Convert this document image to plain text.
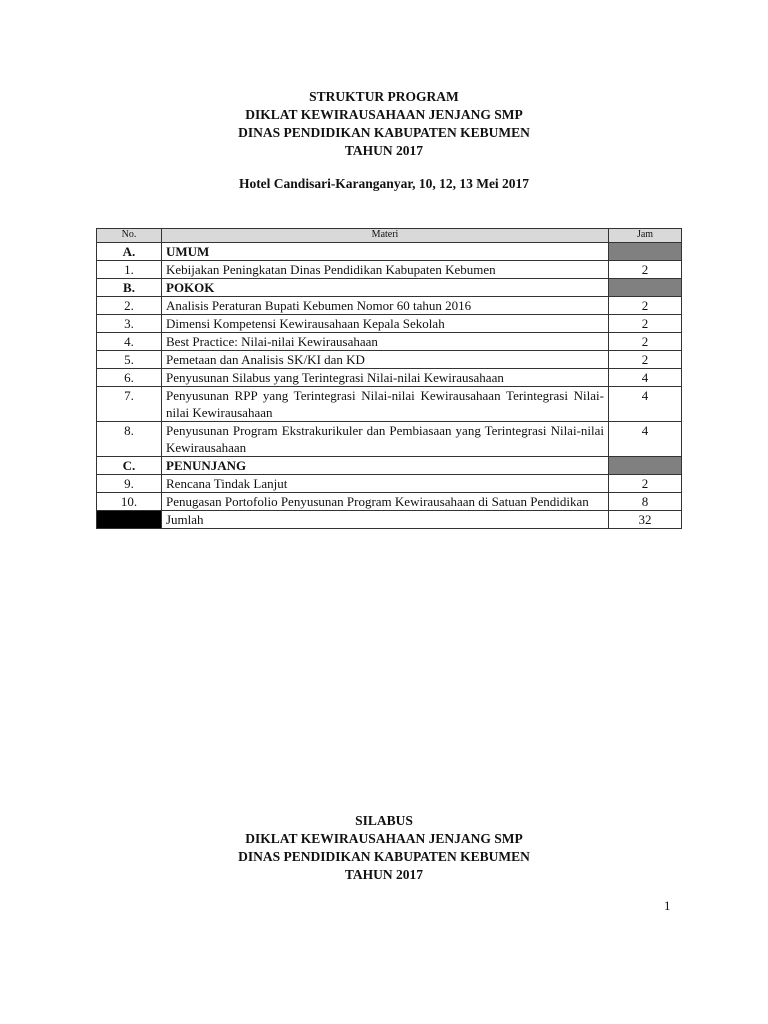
STRUKTUR PROGRAM
DIKLAT KEWIRAUSAHAAN JENJANG SMP
DINAS PENDIDIKAN KABUPATEN KEBUMEN
TAHUN 2017
Hotel Candisari-Karanganyar, 10, 12, 13 Mei 2017
No.	Materi	Jam
A.	UMUM	
1.	Kebijakan Peningkatan Dinas Pendidikan Kabupaten Kebumen	2
B.	POKOK	
2.	Analisis Peraturan Bupati Kebumen Nomor 60 tahun 2016	2
3.	Dimensi Kompetensi Kewirausahaan Kepala Sekolah	2
4.	Best Practice: Nilai-nilai Kewirausahaan	2
5.	Pemetaan dan Analisis SK/KI dan KD	2
6.	Penyusunan Silabus yang Terintegrasi Nilai-nilai Kewirausahaan	4
7.	Penyusunan RPP yang Terintegrasi Nilai-nilai Kewirausahaan Terintegrasi Nilai-nilai Kewirausahaan	4
8.	Penyusunan Program Ekstrakurikuler dan Pembiasaan yang Terintegrasi Nilai-nilai Kewirausahaan	4
C.	PENUNJANG	
9.	Rencana Tindak Lanjut	2
10.	Penugasan Portofolio Penyusunan Program Kewirausahaan di Satuan Pendidikan	8
	Jumlah	32
SILABUS
DIKLAT KEWIRAUSAHAAN JENJANG SMP
DINAS PENDIDIKAN KABUPATEN KEBUMEN
TAHUN 2017
1
